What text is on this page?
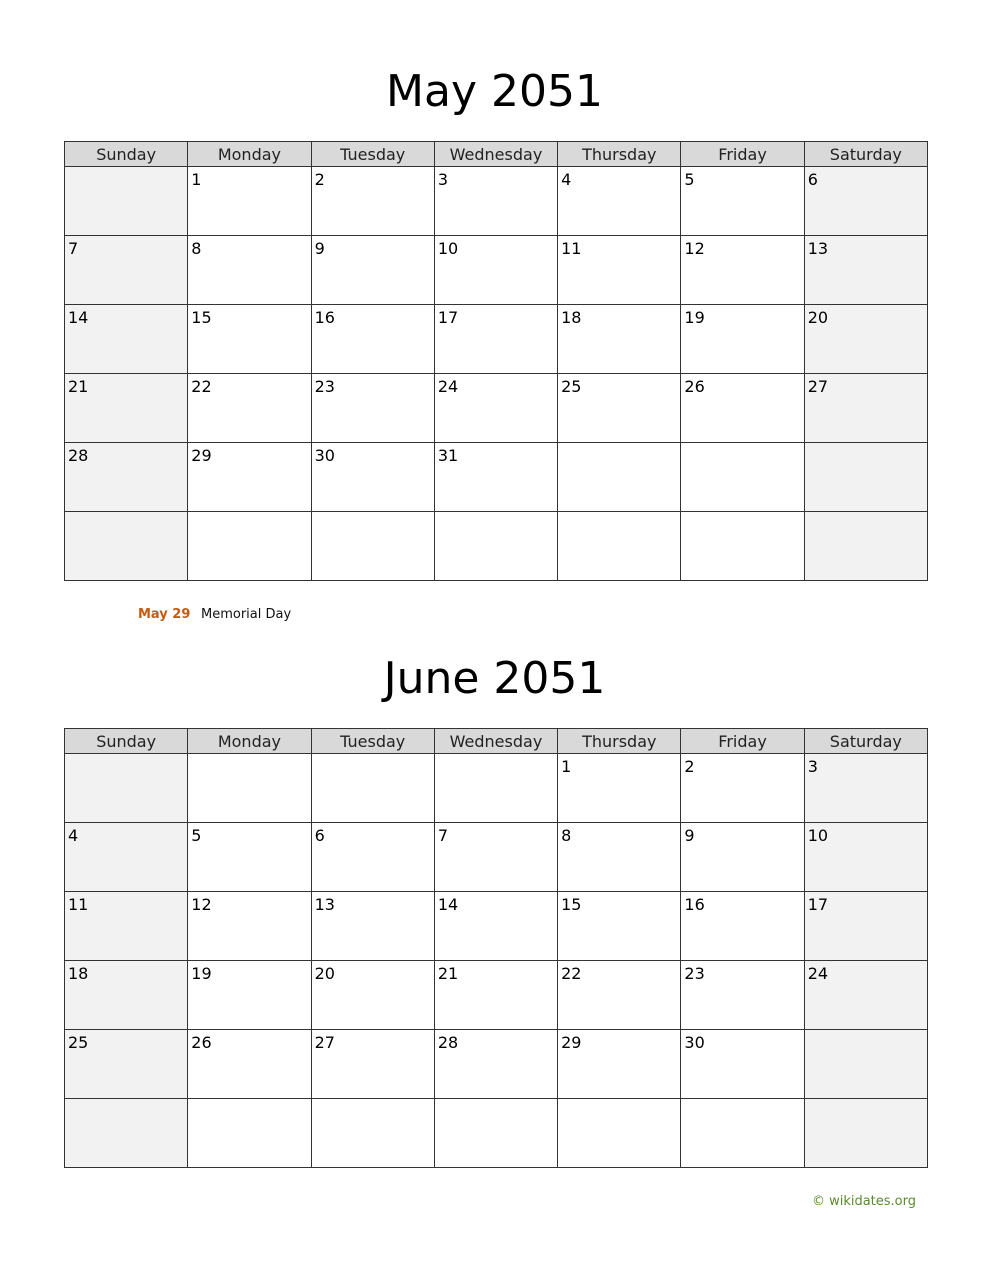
May 2051
Sunday	Monday	Tuesday	Wednesday	Thursday	Friday	Saturday

	1	2	3	4	5	6

7	8	9	10	11	12	13

14	15	16	17	18	19	20

21	22	23	24	25	26	27

28	29	30	31			

May 29 Memorial Day
June 2051
Sunday	Monday	Tuesday	Wednesday	Thursday	Friday	Saturday

				1	2	3

4	5	6	7	8	9	10

11	12	13	14	15	16	17

18	19	20	21	22	23	24

25	26	27	28	29	30	

© wikidates.org
